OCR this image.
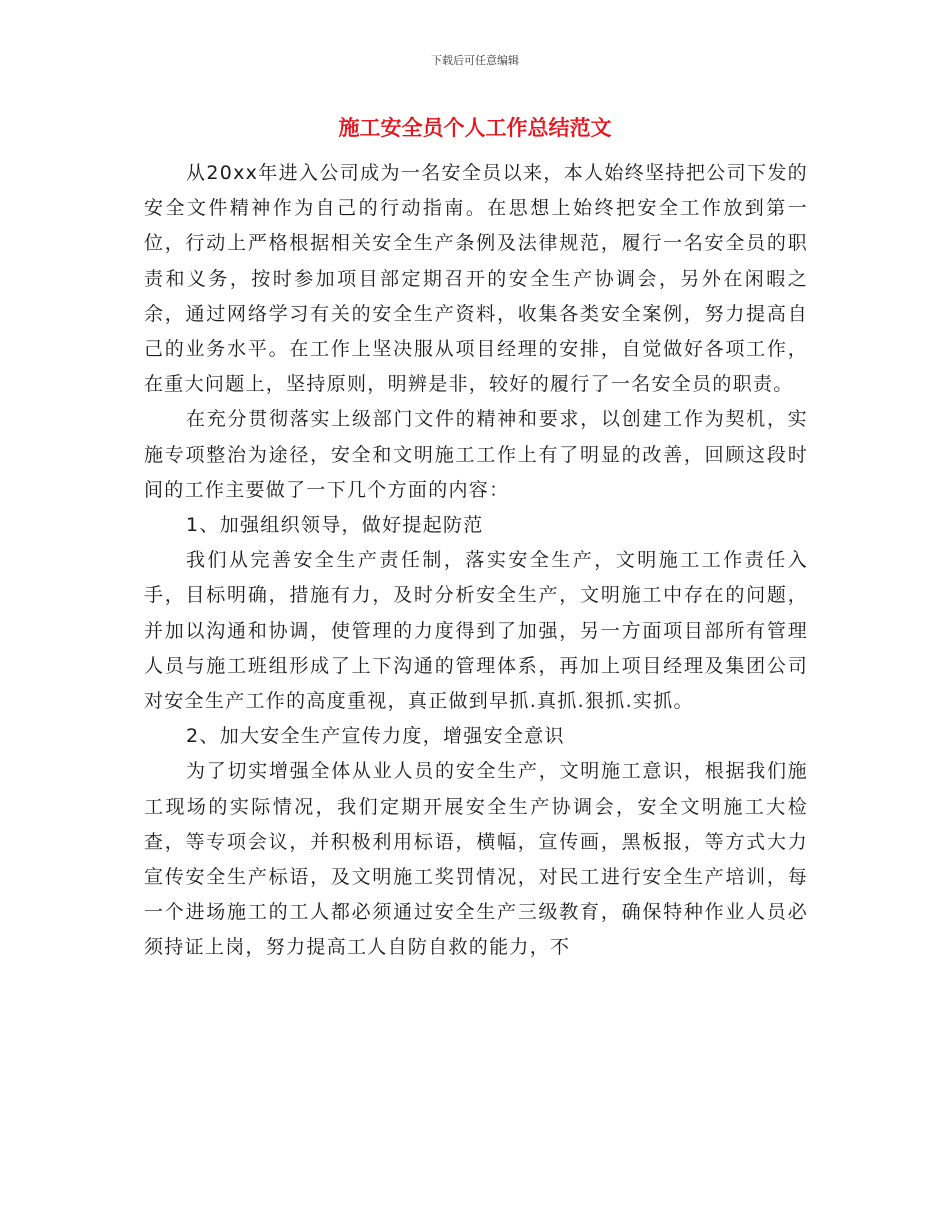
下载后可任意编辑
施工安全员个人工作总结范文

从20xx年进入公司成为一名安全员以来，本人始终坚持把公司下发的安全文件精神作为自己的行动指南。在思想上始终把安全工作放到第一位，行动上严格根据相关安全生产条例及法律规范，履行一名安全员的职责和义务，按时参加项目部定期召开的安全生产协调会，另外在闲暇之余，通过网络学习有关的安全生产资料，收集各类安全案例，努力提高自己的业务水平。在工作上坚决服从项目经理的安排，自觉做好各项工作，在重大问题上，坚持原则，明辨是非，较好的履行了一名安全员的职责。

在充分贯彻落实上级部门文件的精神和要求，以创建工作为契机，实施专项整治为途径，安全和文明施工工作上有了明显的改善，回顾这段时间的工作主要做了一下几个方面的内容：

1、加强组织领导，做好提起防范

我们从完善安全生产责任制，落实安全生产，文明施工工作责任入手，目标明确，措施有力，及时分析安全生产，文明施工中存在的问题，并加以沟通和协调，使管理的力度得到了加强，另一方面项目部所有管理人员与施工班组形成了上下沟通的管理体系，再加上项目经理及集团公司对安全生产工作的高度重视，真正做到早抓.真抓.狠抓.实抓。

2、加大安全生产宣传力度，增强安全意识

为了切实增强全体从业人员的安全生产，文明施工意识，根据我们施工现场的实际情况，我们定期开展安全生产协调会，安全文明施工大检查，等专项会议，并积极利用标语，横幅，宣传画，黑板报，等方式大力宣传安全生产标语，及文明施工奖罚情况，对民工进行安全生产培训，每一个进场施工的工人都必须通过安全生产三级教育，确保特种作业人员必须持证上岗，努力提高工人自防自救的能力，不
